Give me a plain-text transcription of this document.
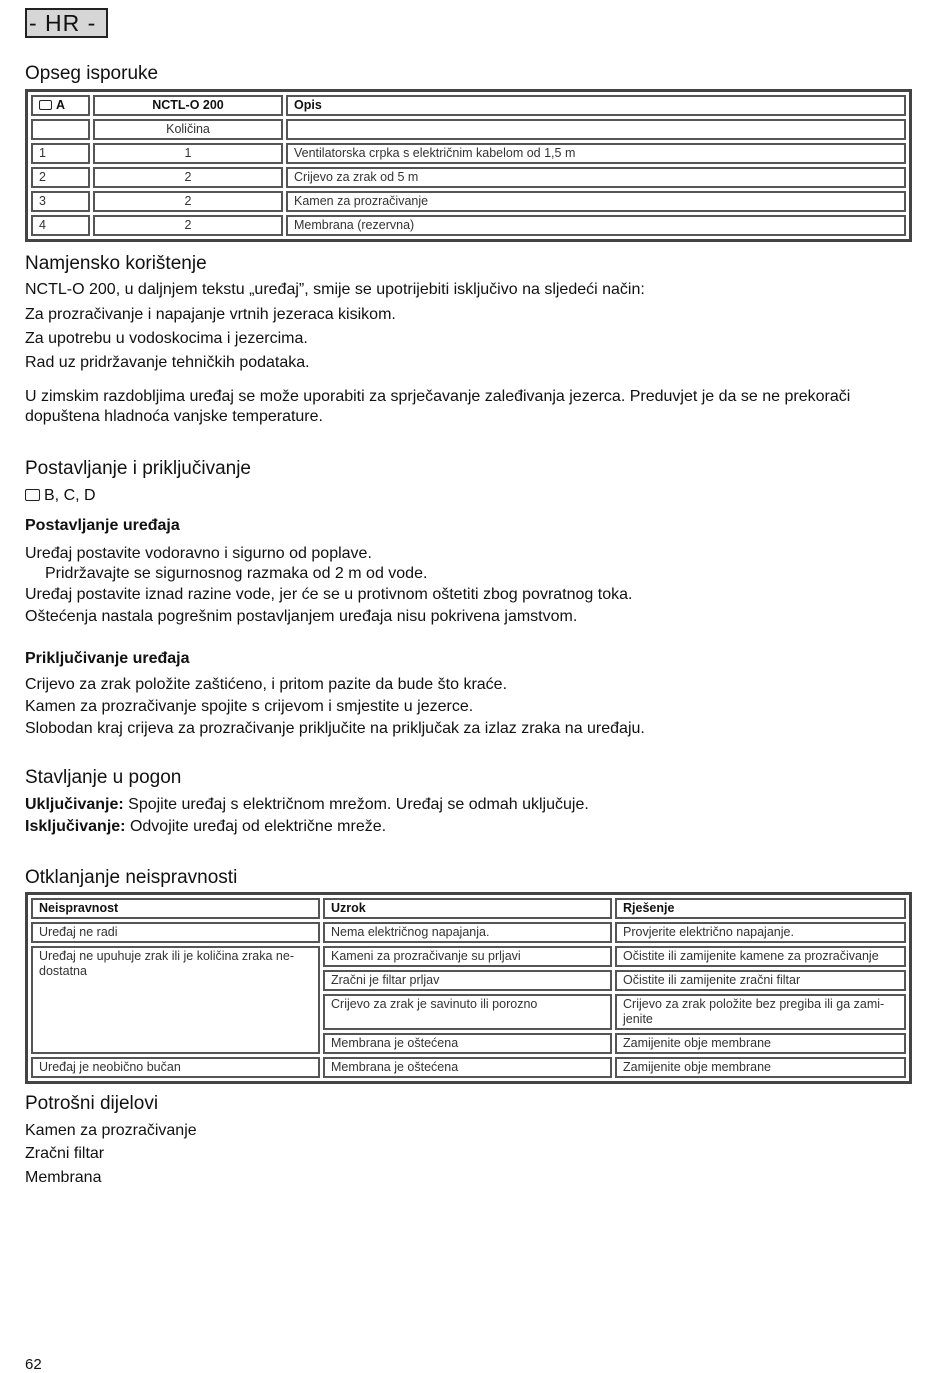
- HR -
Opseg isporuke
A	NCTL-O 200	Opis
	Količina	
1	1	Ventilatorska crpka s električnim kabelom od 1,5 m
2	2	Crijevo za zrak od 5 m
3	2	Kamen za prozračivanje
4	2	Membrana (rezervna)
Namjensko korištenje

NCTL-O 200, u daljnjem tekstu „uređaj”, smije se upotrijebiti isključivo na sljedeći način:

Za prozračivanje i napajanje vrtnih jezeraca kisikom.

Za upotrebu u vodoskocima i jezercima.

Rad uz pridržavanje tehničkih podataka.

U zimskim razdobljima uređaj se može uporabiti za sprječavanje zaleđivanja jezerca. Preduvjet je da se ne prekorači

dopuštena hladnoća vanjske temperature.

Postavljanje i priključivanje

B, C, D

Postavljanje uređaja

Uređaj postavite vodoravno i sigurno od poplave.

Pridržavajte se sigurnosnog razmaka od 2 m od vode.

Uređaj postavite iznad razine vode, jer će se u protivnom oštetiti zbog povratnog toka.

Oštećenja nastala pogrešnim postavljanjem uređaja nisu pokrivena jamstvom.

Priključivanje uređaja

Crijevo za zrak položite zaštićeno, i pritom pazite da bude što kraće.

Kamen za prozračivanje spojite s crijevom i smjestite u jezerce.

Slobodan kraj crijeva za prozračivanje priključite na priključak za izlaz zraka na uređaju.

Stavljanje u pogon

Uključivanje: Spojite uređaj s električnom mrežom. Uređaj se odmah uključuje.

Isključivanje: Odvojite uređaj od električne mreže.

Otklanjanje neispravnosti
Neispravnost	Uzrok	Rješenje
Uređaj ne radi	Nema električnog napajanja.	Provjerite električno napajanje.

Uređaj ne upuhuje zrak ili je količina zraka ne-
dostatna	Kameni za prozračivanje su prljavi	Očistite ili zamijenite kamene za prozračivanje
	Zračni je filtar prljav	Očistite ili zamijenite zračni filtar
	Crijevo za zrak je savinuto ili porozno	Crijevo za zrak položite bez pregiba ili ga zami-
jenite

	Membrana je oštećena	Zamijenite obje membrane
Uređaj je neobično bučan	Membrana je oštećena	Zamijenite obje membrane
Potrošni dijelovi

Kamen za prozračivanje

Zračni filtar

Membrana

62
